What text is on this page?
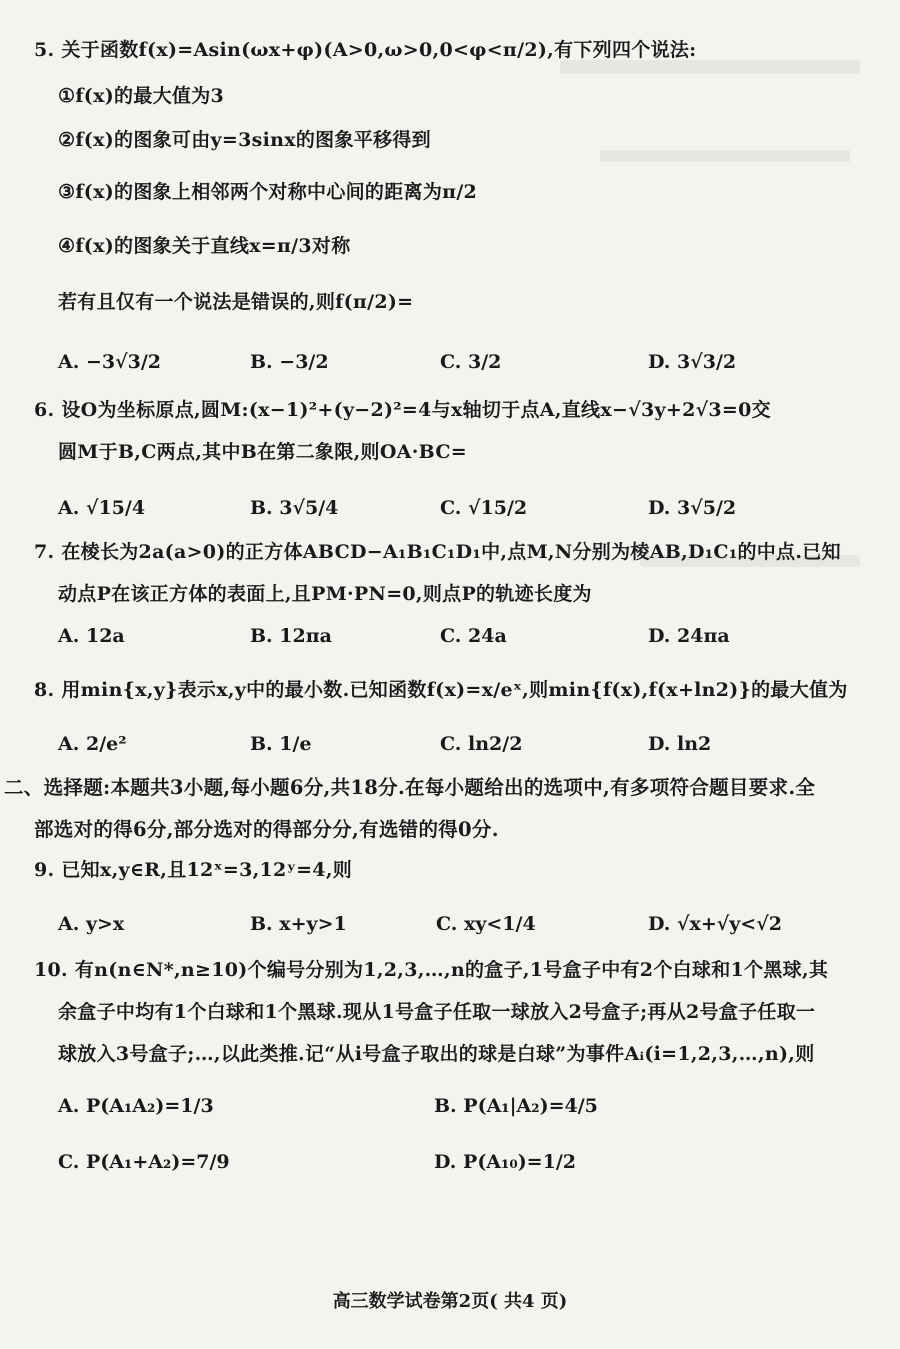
5. 关于函数f(x)=Asin(ωx+φ)(A>0,ω>0,0<φ<π/2),有下列四个说法:
①f(x)的最大值为3
②f(x)的图象可由y=3sinx的图象平移得到
③f(x)的图象上相邻两个对称中心间的距离为π/2
④f(x)的图象关于直线x=π/3对称
若有且仅有一个说法是错误的,则f(π/2)=
A. −3√3/2	B. −3/2	C. 3/2	D. 3√3/2
6. 设O为坐标原点,圆M:(x−1)²+(y−2)²=4与x轴切于点A,直线x−√3y+2√3=0交
圆M于B,C两点,其中B在第二象限,则OA·BC=
A. √15/4	B. 3√5/4	C. √15/2	D. 3√5/2
7. 在棱长为2a(a>0)的正方体ABCD−A₁B₁C₁D₁中,点M,N分别为棱AB,D₁C₁的中点.已知
动点P在该正方体的表面上,且PM·PN=0,则点P的轨迹长度为
A. 12a	B. 12πa	C. 24a	D. 24πa
8. 用min{x,y}表示x,y中的最小数.已知函数f(x)=x/eˣ,则min{f(x),f(x+ln2)}的最大值为
A. 2/e²	B. 1/e	C. ln2/2	D. ln2
二、选择题:本题共3小题,每小题6分,共18分.在每小题给出的选项中,有多项符合题目要求.全
部选对的得6分,部分选对的得部分分,有选错的得0分.
9. 已知x,y∈R,且12ˣ=3,12ʸ=4,则
A. y>x	B. x+y>1	C. xy<1/4	D. √x+√y<√2
10. 有n(n∈N*,n≥10)个编号分别为1,2,3,…,n的盒子,1号盒子中有2个白球和1个黑球,其
余盒子中均有1个白球和1个黑球.现从1号盒子任取一球放入2号盒子;再从2号盒子任取一
球放入3号盒子;…,以此类推.记“从i号盒子取出的球是白球”为事件Aᵢ(i=1,2,3,…,n),则
A. P(A₁A₂)=1/3	B. P(A₁|A₂)=4/5
C. P(A₁+A₂)=7/9	D. P(A₁₀)=1/2
高三数学试卷第2页( 共4 页)
